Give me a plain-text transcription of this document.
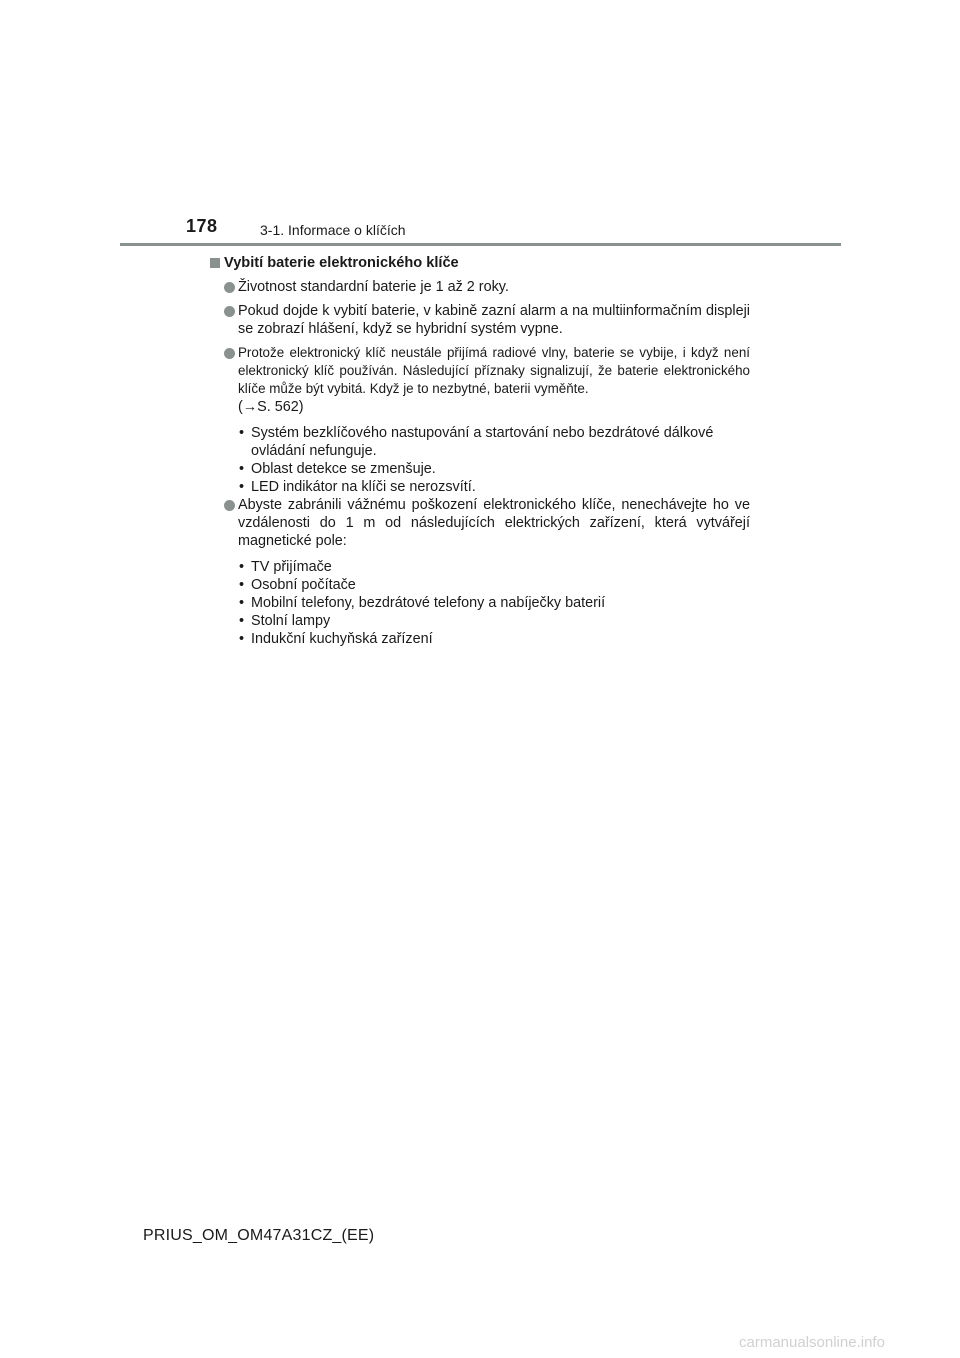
178	3-1. Informace o klíčích
Vybití baterie elektronického klíče
Životnost standardní baterie je 1 až 2 roky.
Pokud dojde k vybití baterie, v kabině zazní alarm a na multiinformačním displeji se zobrazí hlášení, když se hybridní systém vypne.
Protože elektronický klíč neustále přijímá radiové vlny, baterie se vybije, i když není elektronický klíč používán. Následující příznaky signalizují, že baterie elektronického klíče může být vybitá. Když je to nezbytné, baterii vyměňte.
(→S. 562)
• Systém bezklíčového nastupování a startování nebo bezdrátové dálkové ovládání nefunguje.
• Oblast detekce se zmenšuje.
• LED indikátor na klíči se nerozsvítí.
Abyste zabránili vážnému poškození elektronického klíče, nenechávejte ho ve vzdálenosti do 1 m od následujících elektrických zařízení, která vytvářejí magnetické pole:
• TV přijímače
• Osobní počítače
• Mobilní telefony, bezdrátové telefony a nabíječky baterií
• Stolní lampy
• Indukční kuchyňská zařízení
PRIUS_OM_OM47A31CZ_(EE)
carmanualsonline.info
